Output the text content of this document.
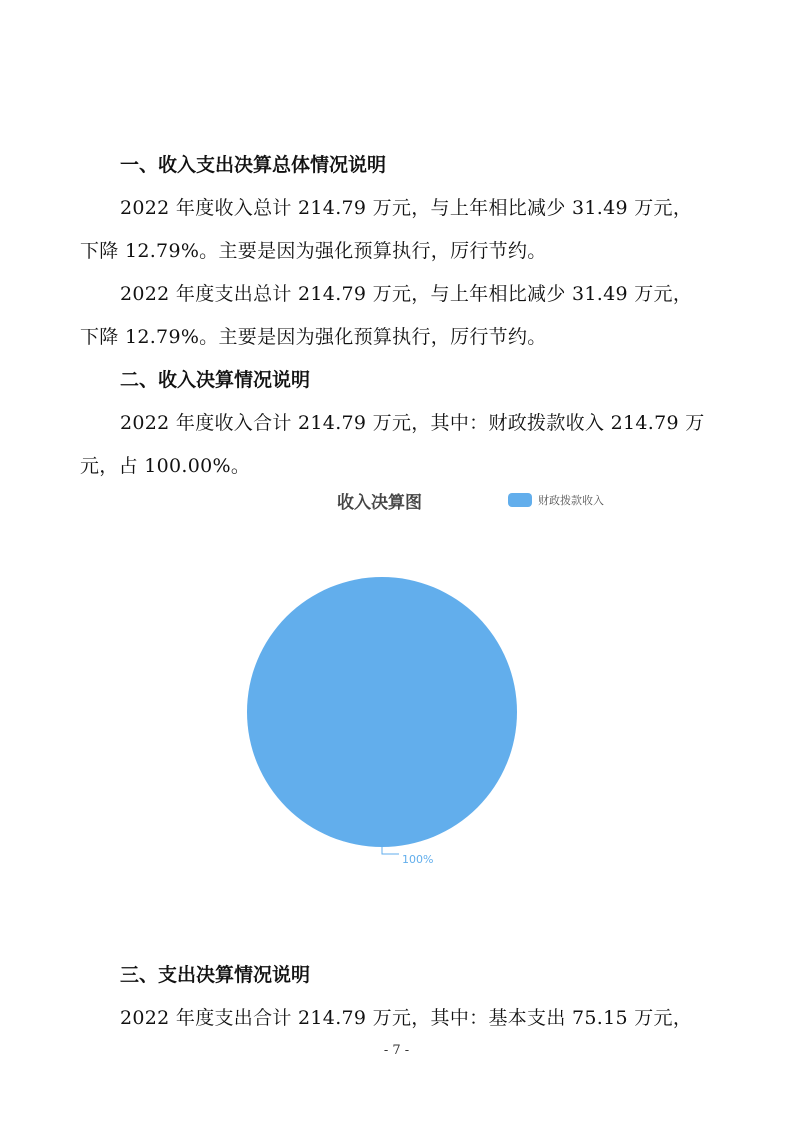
一、收入支出决算总体情况说明
2022 年度收入总计 214.79 万元，与上年相比减少 31.49 万元，
下降 12.79%。主要是因为强化预算执行，厉行节约。
2022 年度支出总计 214.79 万元，与上年相比减少 31.49 万元，
下降 12.79%。主要是因为强化预算执行，厉行节约。
二、收入决算情况说明
2022 年度收入合计 214.79 万元，其中：财政拨款收入 214.79 万
元，占 100.00%。
收入决算图	财政拨款收入
100%
三、支出决算情况说明
2022 年度支出合计 214.79 万元，其中：基本支出 75.15 万元，
- 7 -
